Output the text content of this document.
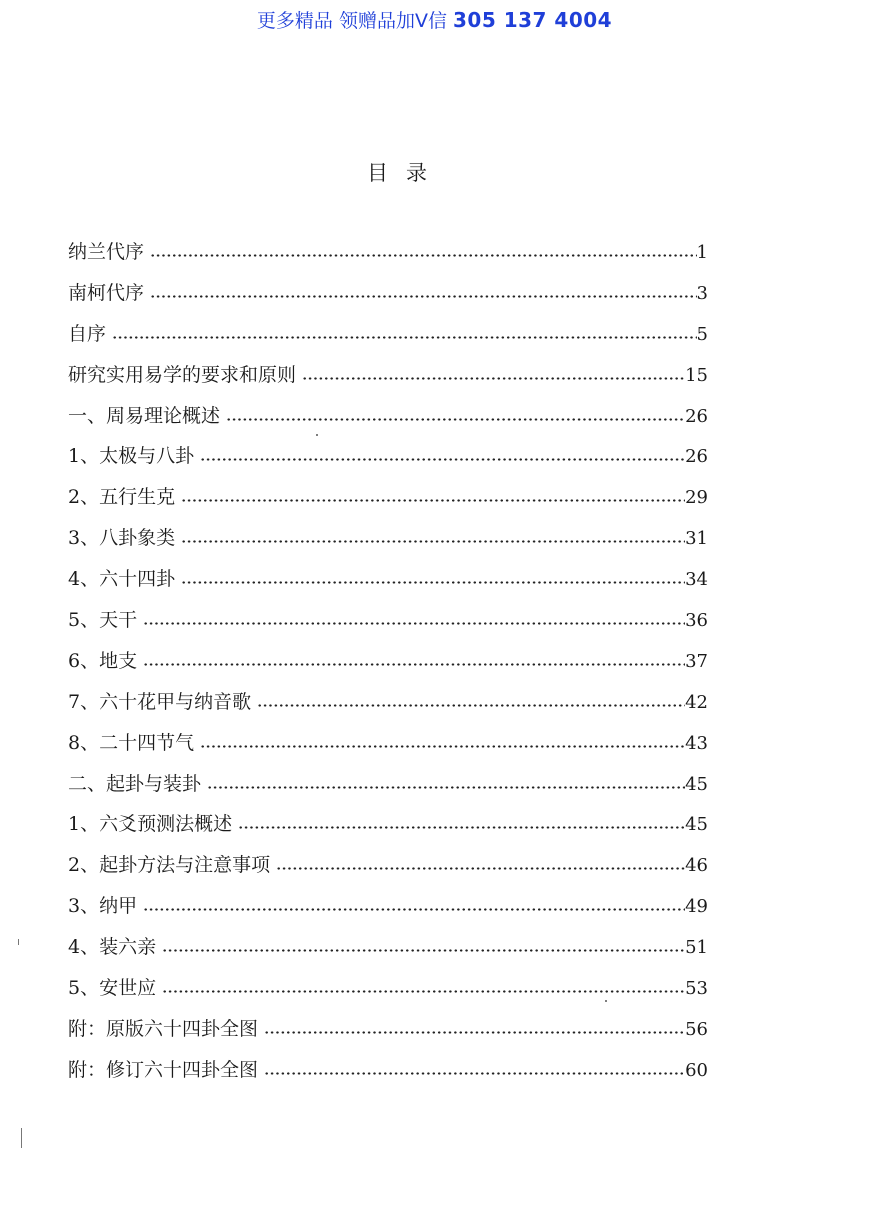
更多精品 领赠品加V信 305 137 4004
目录
纳兰代序	1
南柯代序	3
自序	5
研究实用易学的要求和原则	15
一、周易理论概述	26
1、太极与八卦	26
2、五行生克	29
3、八卦象类	31
4、六十四卦	34
5、天干	36
6、地支	37
7、六十花甲与纳音歌	42
8、二十四节气	43
二、起卦与装卦	45
1、六爻预测法概述	45
2、起卦方法与注意事项	46
3、纳甲	49
4、装六亲	51
5、安世应	53
附：原版六十四卦全图	56
附：修订六十四卦全图	60
